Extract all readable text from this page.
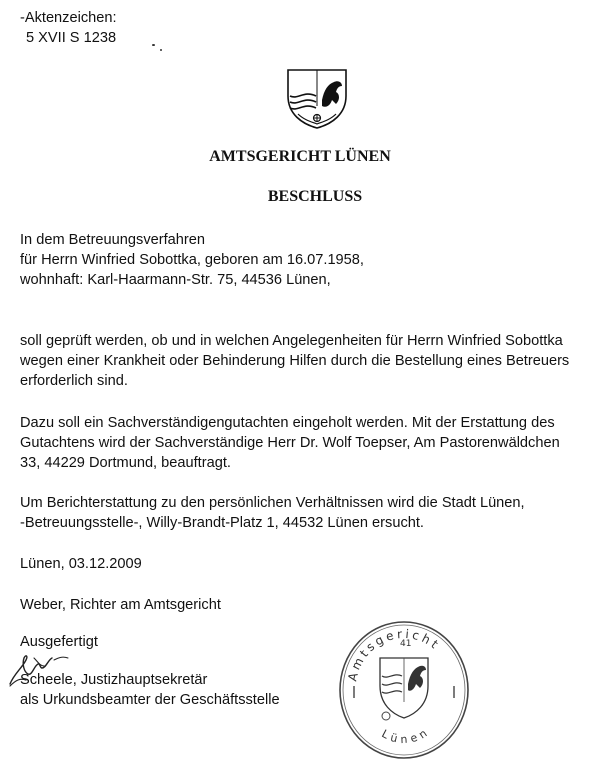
-Aktenzeichen:
5 XVII S 1238
AMTSGERICHT LÜNEN
BESCHLUSS
In dem Betreuungsverfahren
für Herrn Winfried Sobottka, geboren am 16.07.1958,
wohnhaft: Karl-Haarmann-Str. 75, 44536 Lünen,
soll geprüft werden, ob und in welchen Angelegenheiten für Herrn Winfried Sobottka
wegen einer Krankheit oder Behinderung Hilfen durch die Bestellung eines Betreuers
erforderlich sind.
Dazu soll ein Sachverständigengutachten eingeholt werden. Mit der Erstattung des
Gutachtens wird der Sachverständige Herr Dr. Wolf Toepser, Am Pastorenwäldchen
33, 44229 Dortmund, beauftragt.
Um Berichterstattung zu den persönlichen Verhältnissen wird die Stadt Lünen,
-Betreuungsstelle-, Willy-Brandt-Platz 1, 44532 Lünen ersucht.
Lünen, 03.12.2009
Weber, Richter am Amtsgericht
Ausgefertigt
Scheele, Justizhauptsekretär
als Urkundsbeamter der Geschäftsstelle
Amtsgericht
Lünen
41
